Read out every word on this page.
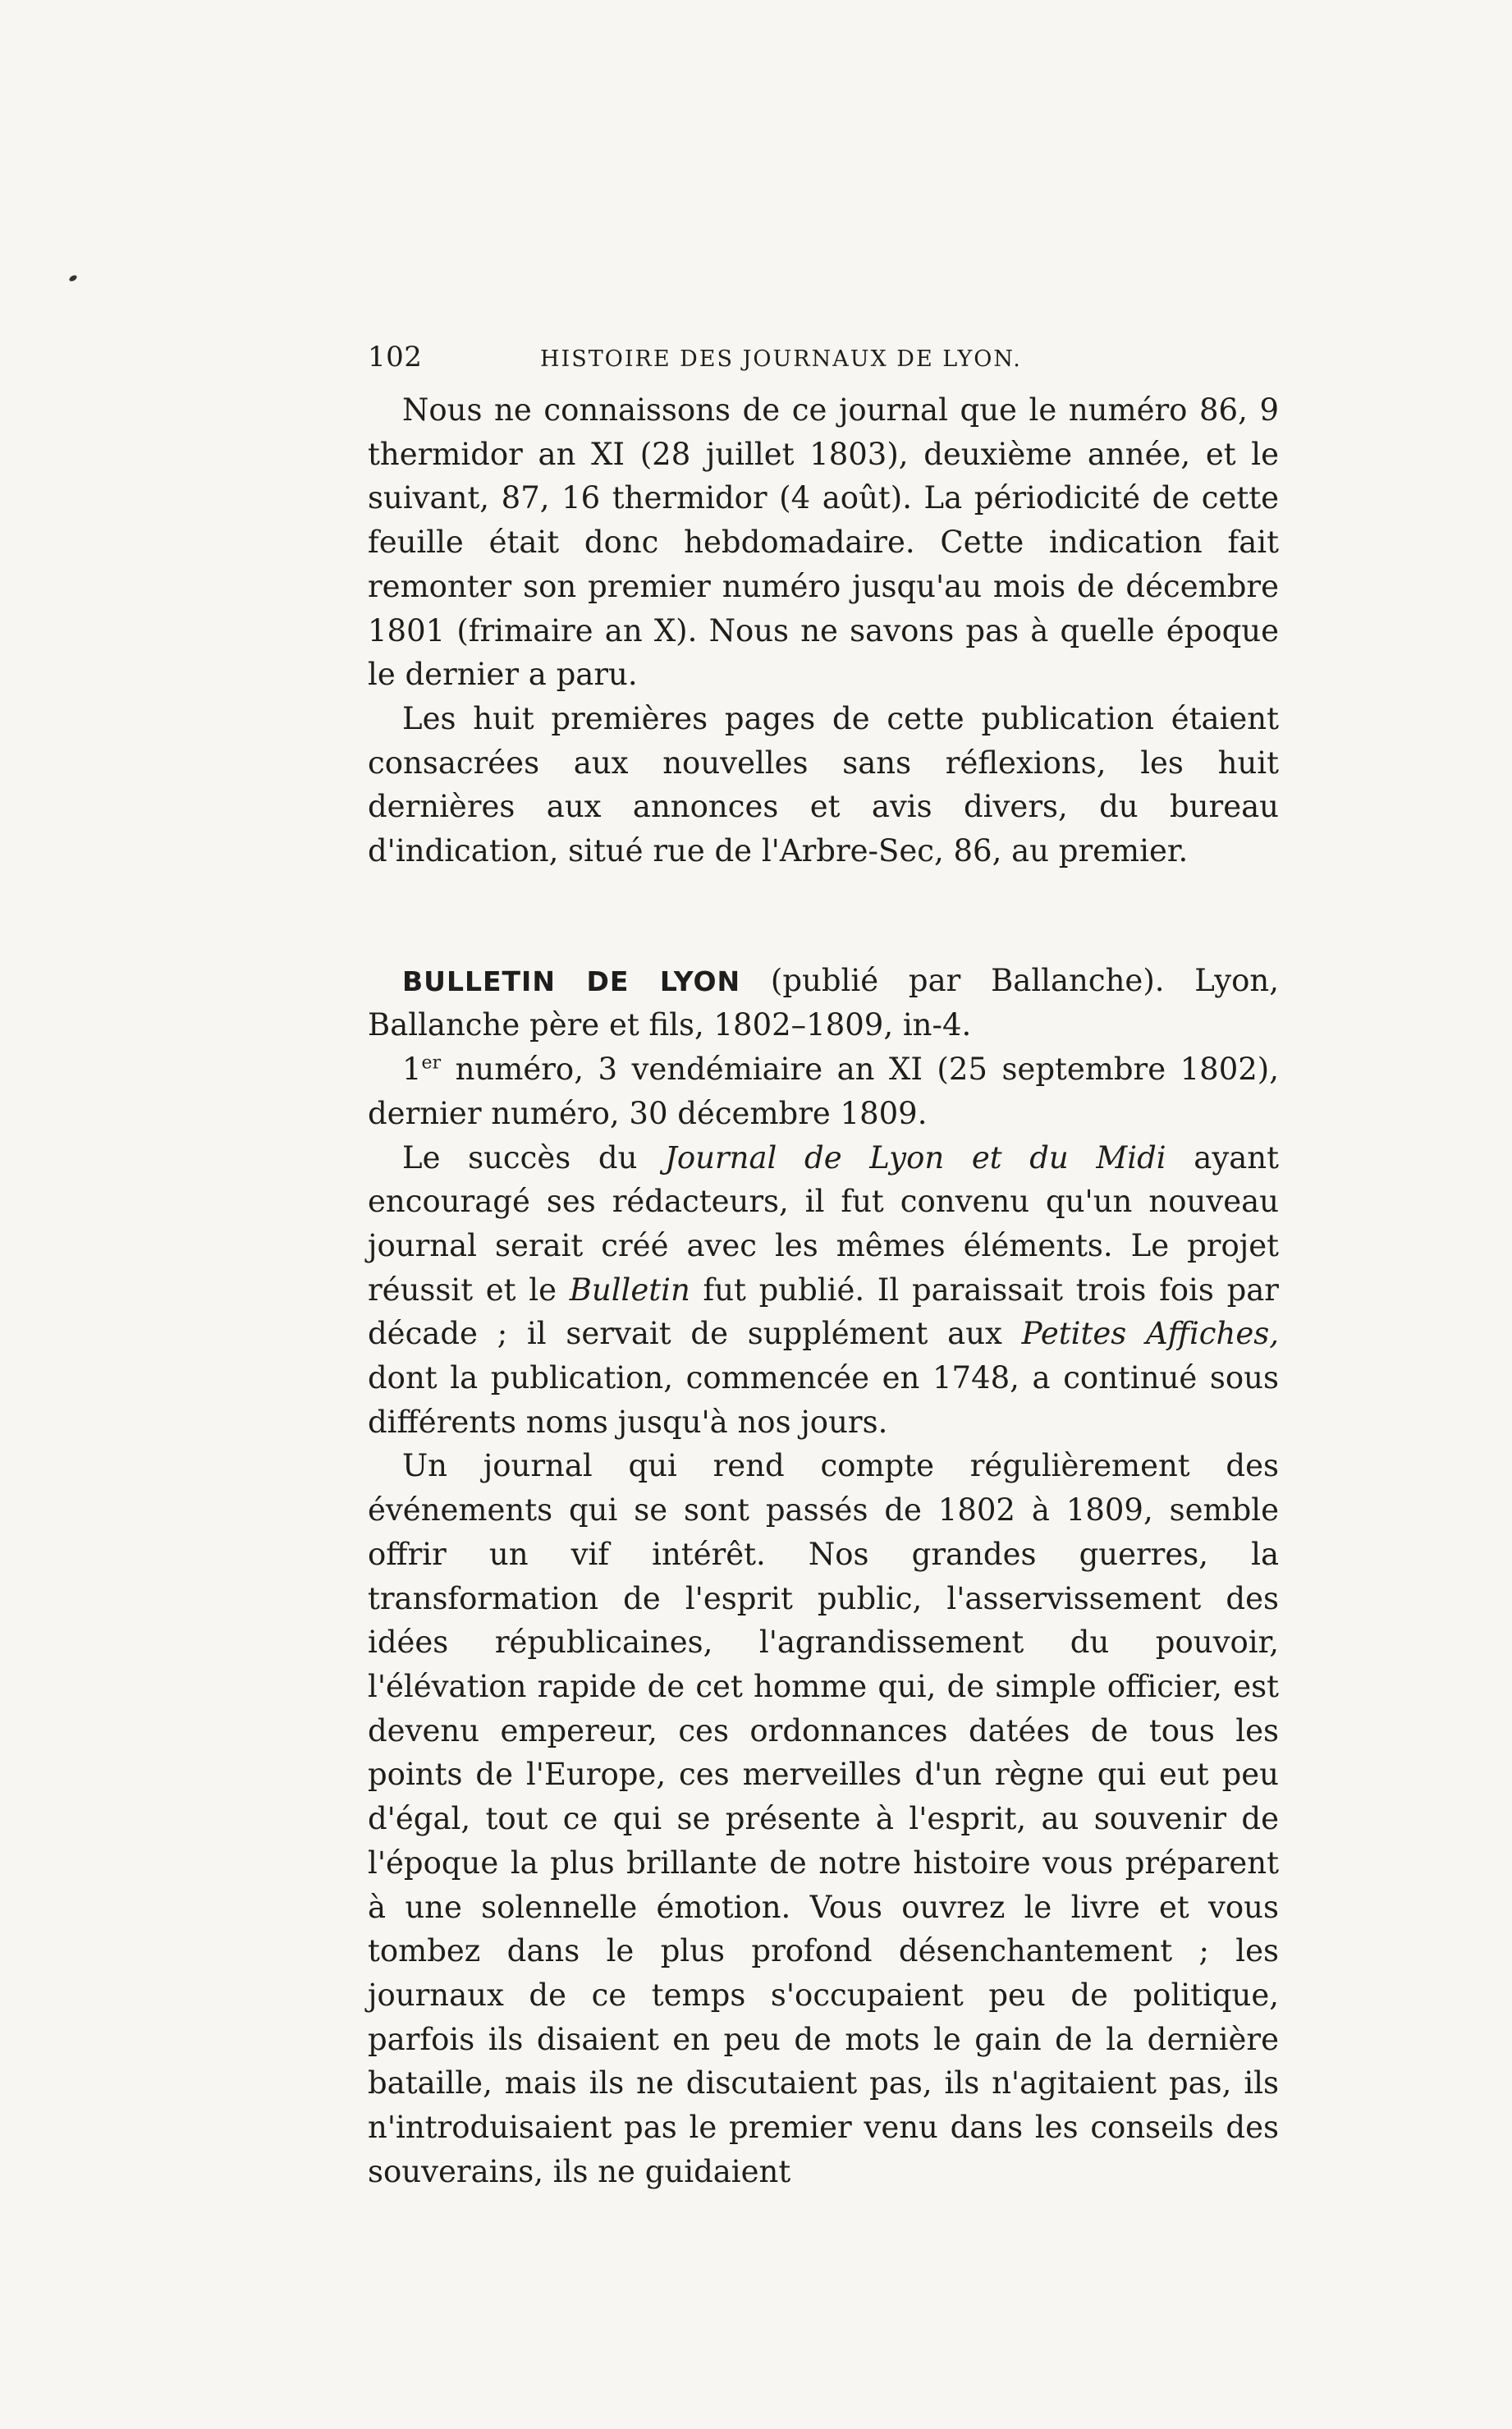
102	HISTOIRE DES JOURNAUX DE LYON.

Nous ne connaissons de ce journal que le numéro 86, 9 thermidor an XI (28 juillet 1803), deuxième année, et le suivant, 87, 16 thermidor (4 août). La périodicité de cette feuille était donc hebdomadaire. Cette indication fait remonter son premier numéro jusqu'au mois de décembre 1801 (frimaire an X). Nous ne savons pas à quelle époque le dernier a paru.

Les huit premières pages de cette publication étaient consacrées aux nouvelles sans réflexions, les huit dernières aux annonces et avis divers, du bureau d'indication, situé rue de l'Arbre-Sec, 86, au premier.

BULLETIN DE LYON (publié par Ballanche). Lyon, Ballanche père et fils, 1802–1809, in-4.

1er numéro, 3 vendémiaire an XI (25 septembre 1802), dernier numéro, 30 décembre 1809.

Le succès du Journal de Lyon et du Midi ayant encouragé ses rédacteurs, il fut convenu qu'un nouveau journal serait créé avec les mêmes éléments. Le projet réussit et le Bulletin fut publié. Il paraissait trois fois par décade ; il servait de supplément aux Petites Affiches, dont la publication, commencée en 1748, a continué sous différents noms jusqu'à nos jours.

Un journal qui rend compte régulièrement des événements qui se sont passés de 1802 à 1809, semble offrir un vif intérêt. Nos grandes guerres, la transformation de l'esprit public, l'asservissement des idées républicaines, l'agrandissement du pouvoir, l'élévation rapide de cet homme qui, de simple officier, est devenu empereur, ces ordonnances datées de tous les points de l'Europe, ces merveilles d'un règne qui eut peu d'égal, tout ce qui se présente à l'esprit, au souvenir de l'époque la plus brillante de notre histoire vous préparent à une solennelle émotion. Vous ouvrez le livre et vous tombez dans le plus profond désenchantement ; les journaux de ce temps s'occupaient peu de politique, parfois ils disaient en peu de mots le gain de la dernière bataille, mais ils ne discutaient pas, ils n'agitaient pas, ils n'introduisaient pas le premier venu dans les conseils des souverains, ils ne guidaient
